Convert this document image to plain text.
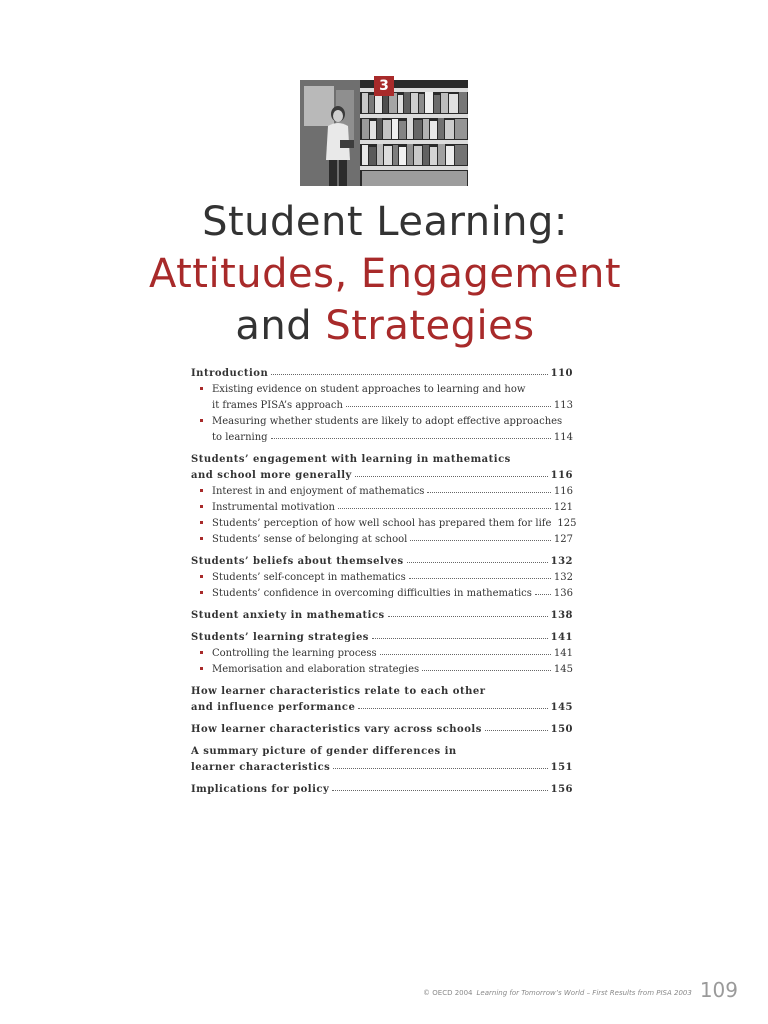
3
Student Learning:
Attitudes, Engagement
and Strategies
Introduction	110
Existing evidence on student approaches to learning and how
it frames PISA’s approach	113
Measuring whether students are likely to adopt effective approaches
to learning	114
Students’ engagement with learning in mathematics
and school more generally	116
Interest in and enjoyment of mathematics	116
Instrumental motivation	121
Students’ perception of how well school has prepared them for life 125
Students’ sense of belonging at school	127
Students’ beliefs about themselves	132
Students’ self-concept in mathematics	132
Students’ confidence in overcoming difficulties in mathematics 136
Student anxiety in mathematics	138
Students’ learning strategies	141
Controlling the learning process	141
Memorisation and elaboration strategies	145
How learner characteristics relate to each other
and influence performance	145
How learner characteristics vary across schools	150
A summary picture of gender differences in
learner characteristics	151
Implications for policy	156
© OECD 2004 Learning for Tomorrow’s World – First Results from PISA 2003 109
